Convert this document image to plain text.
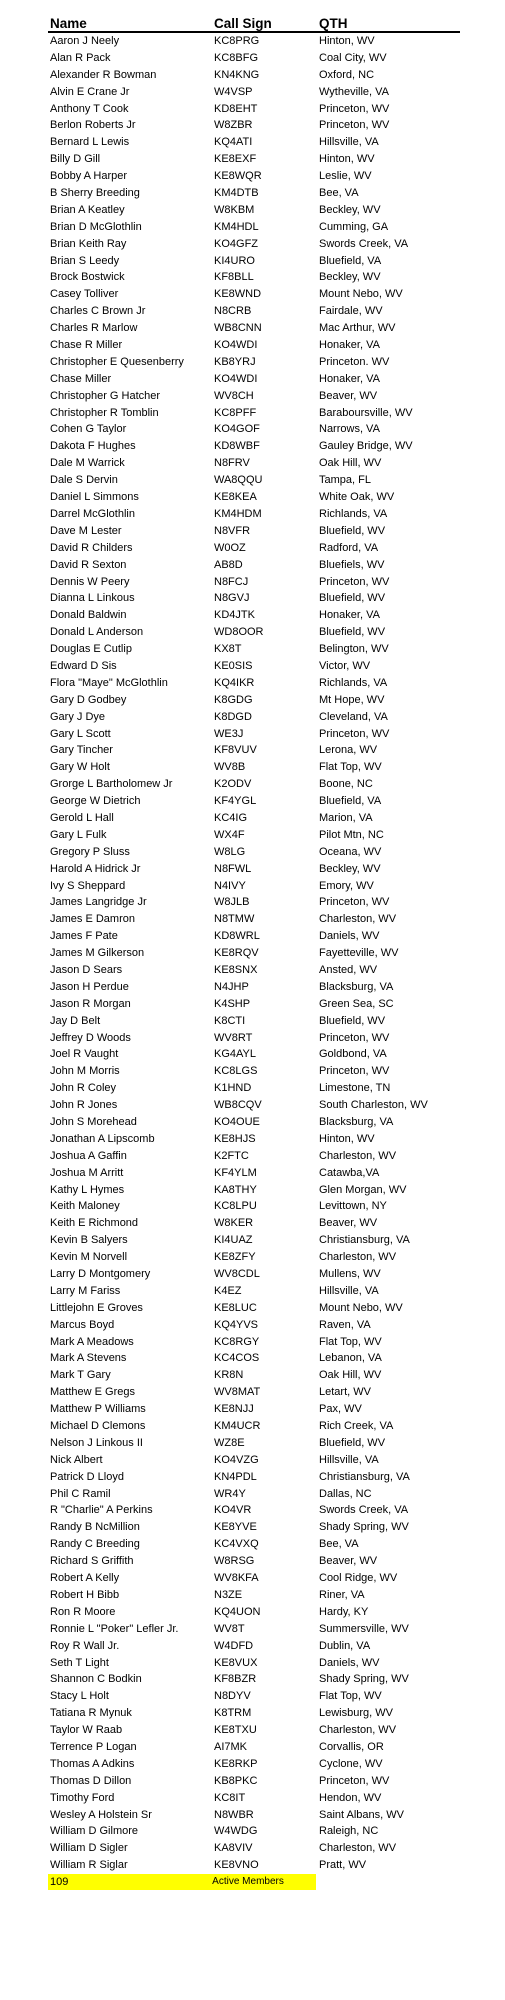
Name	Call Sign	QTH
Aaron J Neely	KC8PRG	Hinton, WV
Alan R Pack	KC8BFG	Coal City, WV
Alexander R Bowman	KN4KNG	Oxford, NC
Alvin E Crane Jr	W4VSP	Wytheville, VA
Anthony T Cook	KD8EHT	Princeton, WV
Berlon Roberts Jr	W8ZBR	Princeton, WV
Bernard L Lewis	KQ4ATI	Hillsville, VA
Billy D Gill	KE8EXF	Hinton, WV
Bobby A Harper	KE8WQR	Leslie, WV
B Sherry Breeding	KM4DTB	Bee, VA
Brian A Keatley	W8KBM	Beckley, WV
Brian D McGlothlin	KM4HDL	Cumming, GA
Brian Keith Ray	KO4GFZ	Swords Creek, VA
Brian S Leedy	KI4URO	Bluefield, VA
Brock Bostwick	KF8BLL	Beckley, WV
Casey Tolliver	KE8WND	Mount Nebo, WV
Charles C Brown Jr	N8CRB	Fairdale, WV
Charles R Marlow	WB8CNN	Mac Arthur, WV
Chase R Miller	KO4WDI	Honaker, VA
Christopher E Quesenberry	KB8YRJ	Princeton. WV
Chase Miller	KO4WDI	Honaker, VA
Christopher G Hatcher	WV8CH	Beaver, WV
Christopher R Tomblin	KC8PFF	Baraboursville, WV
Cohen G Taylor	KO4GOF	Narrows, VA
Dakota F Hughes	KD8WBF	Gauley Bridge, WV
Dale M Warrick	N8FRV	Oak Hill, WV
Dale S Dervin	WA8QQU	Tampa, FL
Daniel L Simmons	KE8KEA	White Oak, WV
Darrel McGlothlin	KM4HDM	Richlands, VA
Dave M Lester	N8VFR	Bluefield, WV
David R Childers	W0OZ	Radford, VA
David R Sexton	AB8D	Bluefiels, WV
Dennis W Peery	N8FCJ	Princeton, WV
Dianna L Linkous	N8GVJ	Bluefield, WV
Donald Baldwin	KD4JTK	Honaker, VA
Donald L Anderson	WD8OOR	Bluefield, WV
Douglas E Cutlip	KX8T	Belington, WV
Edward D Sis	KE0SIS	Victor, WV
Flora "Maye" McGlothlin	KQ4IKR	Richlands, VA
Gary D Godbey	K8GDG	Mt Hope, WV
Gary J Dye	K8DGD	Cleveland, VA
Gary L Scott	WE3J	Princeton, WV
Gary Tincher	KF8VUV	Lerona, WV
Gary W Holt	WV8B	Flat Top, WV
Grorge L Bartholomew Jr	K2ODV	Boone, NC
George W Dietrich	KF4YGL	Bluefield, VA
Gerold L Hall	KC4IG	Marion, VA
Gary L Fulk	WX4F	Pilot Mtn, NC
Gregory P Sluss	W8LG	Oceana, WV
Harold A Hidrick Jr	N8FWL	Beckley, WV
Ivy S Sheppard	N4IVY	Emory, WV
James Langridge Jr	W8JLB	Princeton, WV
James E Damron	N8TMW	Charleston, WV
James F Pate	KD8WRL	Daniels, WV
James M Gilkerson	KE8RQV	Fayetteville, WV
Jason D Sears	KE8SNX	Ansted, WV
Jason H Perdue	N4JHP	Blacksburg, VA
Jason R Morgan	K4SHP	Green Sea, SC
Jay D Belt	K8CTI	Bluefield, WV
Jeffrey D Woods	WV8RT	Princeton, WV
Joel R Vaught	KG4AYL	Goldbond, VA
John M Morris	KC8LGS	Princeton, WV
John R Coley	K1HND	Limestone, TN
John R Jones	WB8CQV	South Charleston, WV
John S Morehead	KO4OUE	Blacksburg, VA
Jonathan A Lipscomb	KE8HJS	Hinton, WV
Joshua A Gaffin	K2FTC	Charleston, WV
Joshua M Arritt	KF4YLM	Catawba,VA
Kathy L Hymes	KA8THY	Glen Morgan, WV
Keith Maloney	KC8LPU	Levittown, NY
Keith E Richmond	W8KER	Beaver, WV
Kevin B Salyers	KI4UAZ	Christiansburg, VA
Kevin M Norvell	KE8ZFY	Charleston, WV
Larry D Montgomery	WV8CDL	Mullens, WV
Larry M Fariss	K4EZ	Hillsville, VA
Littlejohn E Groves	KE8LUC	Mount Nebo, WV
Marcus Boyd	KQ4YVS	Raven, VA
Mark A Meadows	KC8RGY	Flat Top, WV
Mark A Stevens	KC4COS	Lebanon, VA
Mark T Gary	KR8N	Oak Hill, WV
Matthew E Gregs	WV8MAT	Letart, WV
Matthew P Williams	KE8NJJ	Pax, WV
Michael D Clemons	KM4UCR	Rich Creek, VA
Nelson J Linkous II	WZ8E	Bluefield, WV
Nick Albert	KO4VZG	Hillsville, VA
Patrick D Lloyd	KN4PDL	Christiansburg, VA
Phil C Ramil	WR4Y	Dallas, NC
R "Charlie" A Perkins	KO4VR	Swords Creek, VA
Randy B NcMillion	KE8YVE	Shady Spring, WV
Randy C Breeding	KC4VXQ	Bee, VA
Richard S Griffith	W8RSG	Beaver, WV
Robert A Kelly	WV8KFA	Cool Ridge, WV
Robert H Bibb	N3ZE	Riner, VA
Ron R Moore	KQ4UON	Hardy, KY
Ronnie L "Poker" Lefler Jr.	WV8T	Summersville, WV
Roy R Wall Jr.	W4DFD	Dublin, VA
Seth T Light	KE8VUX	Daniels, WV
Shannon C Bodkin	KF8BZR	Shady Spring, WV
Stacy L Holt	N8DYV	Flat Top, WV
Tatiana R Mynuk	K8TRM	Lewisburg, WV
Taylor W Raab	KE8TXU	Charleston, WV
Terrence P Logan	AI7MK	Corvallis, OR
Thomas A Adkins	KE8RKP	Cyclone, WV
Thomas D Dillon	KB8PKC	Princeton, WV
Timothy Ford	KC8IT	Hendon, WV
Wesley A Holstein Sr	N8WBR	Saint Albans, WV
William D Gilmore	W4WDG	Raleigh, NC
William D Sigler	KA8VIV	Charleston, WV
William R Siglar	KE8VNO	Pratt, WV
109	Active Members
